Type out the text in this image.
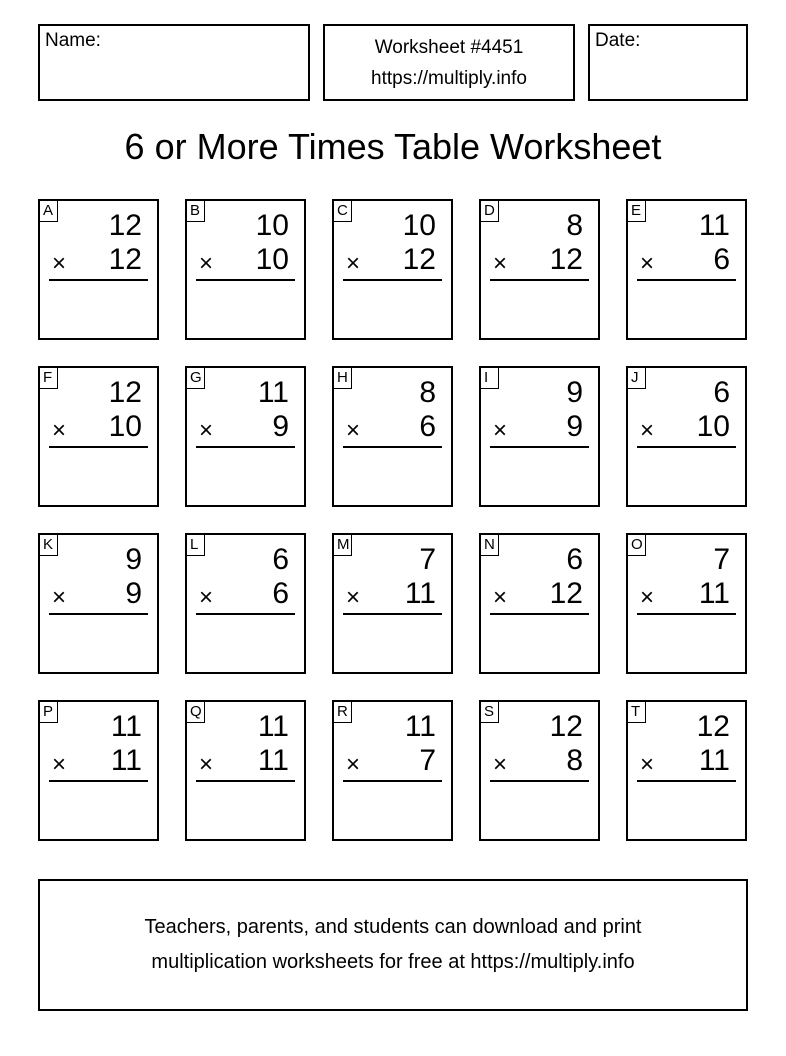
Name:	Worksheet #4451
https://multiply.info
Date:
6 or More Times Table Worksheet
A 12
× 12
B 10
× 10
C 10
× 12
D 8
× 12
E 11
× 6
F 12
× 10
G 11
× 9
H 8
× 6
I	9
× 9
J 6
× 10
K 9
× 9
L 6
× 6
M 7
× 11
N 6
× 12
O 7
× 11
P 11
× 11
Q 11
× 11
R 11
× 7
S 12
× 8
T 12
× 11
Teachers, parents, and students can download and print
multiplication worksheets for free at https://multiply.info
